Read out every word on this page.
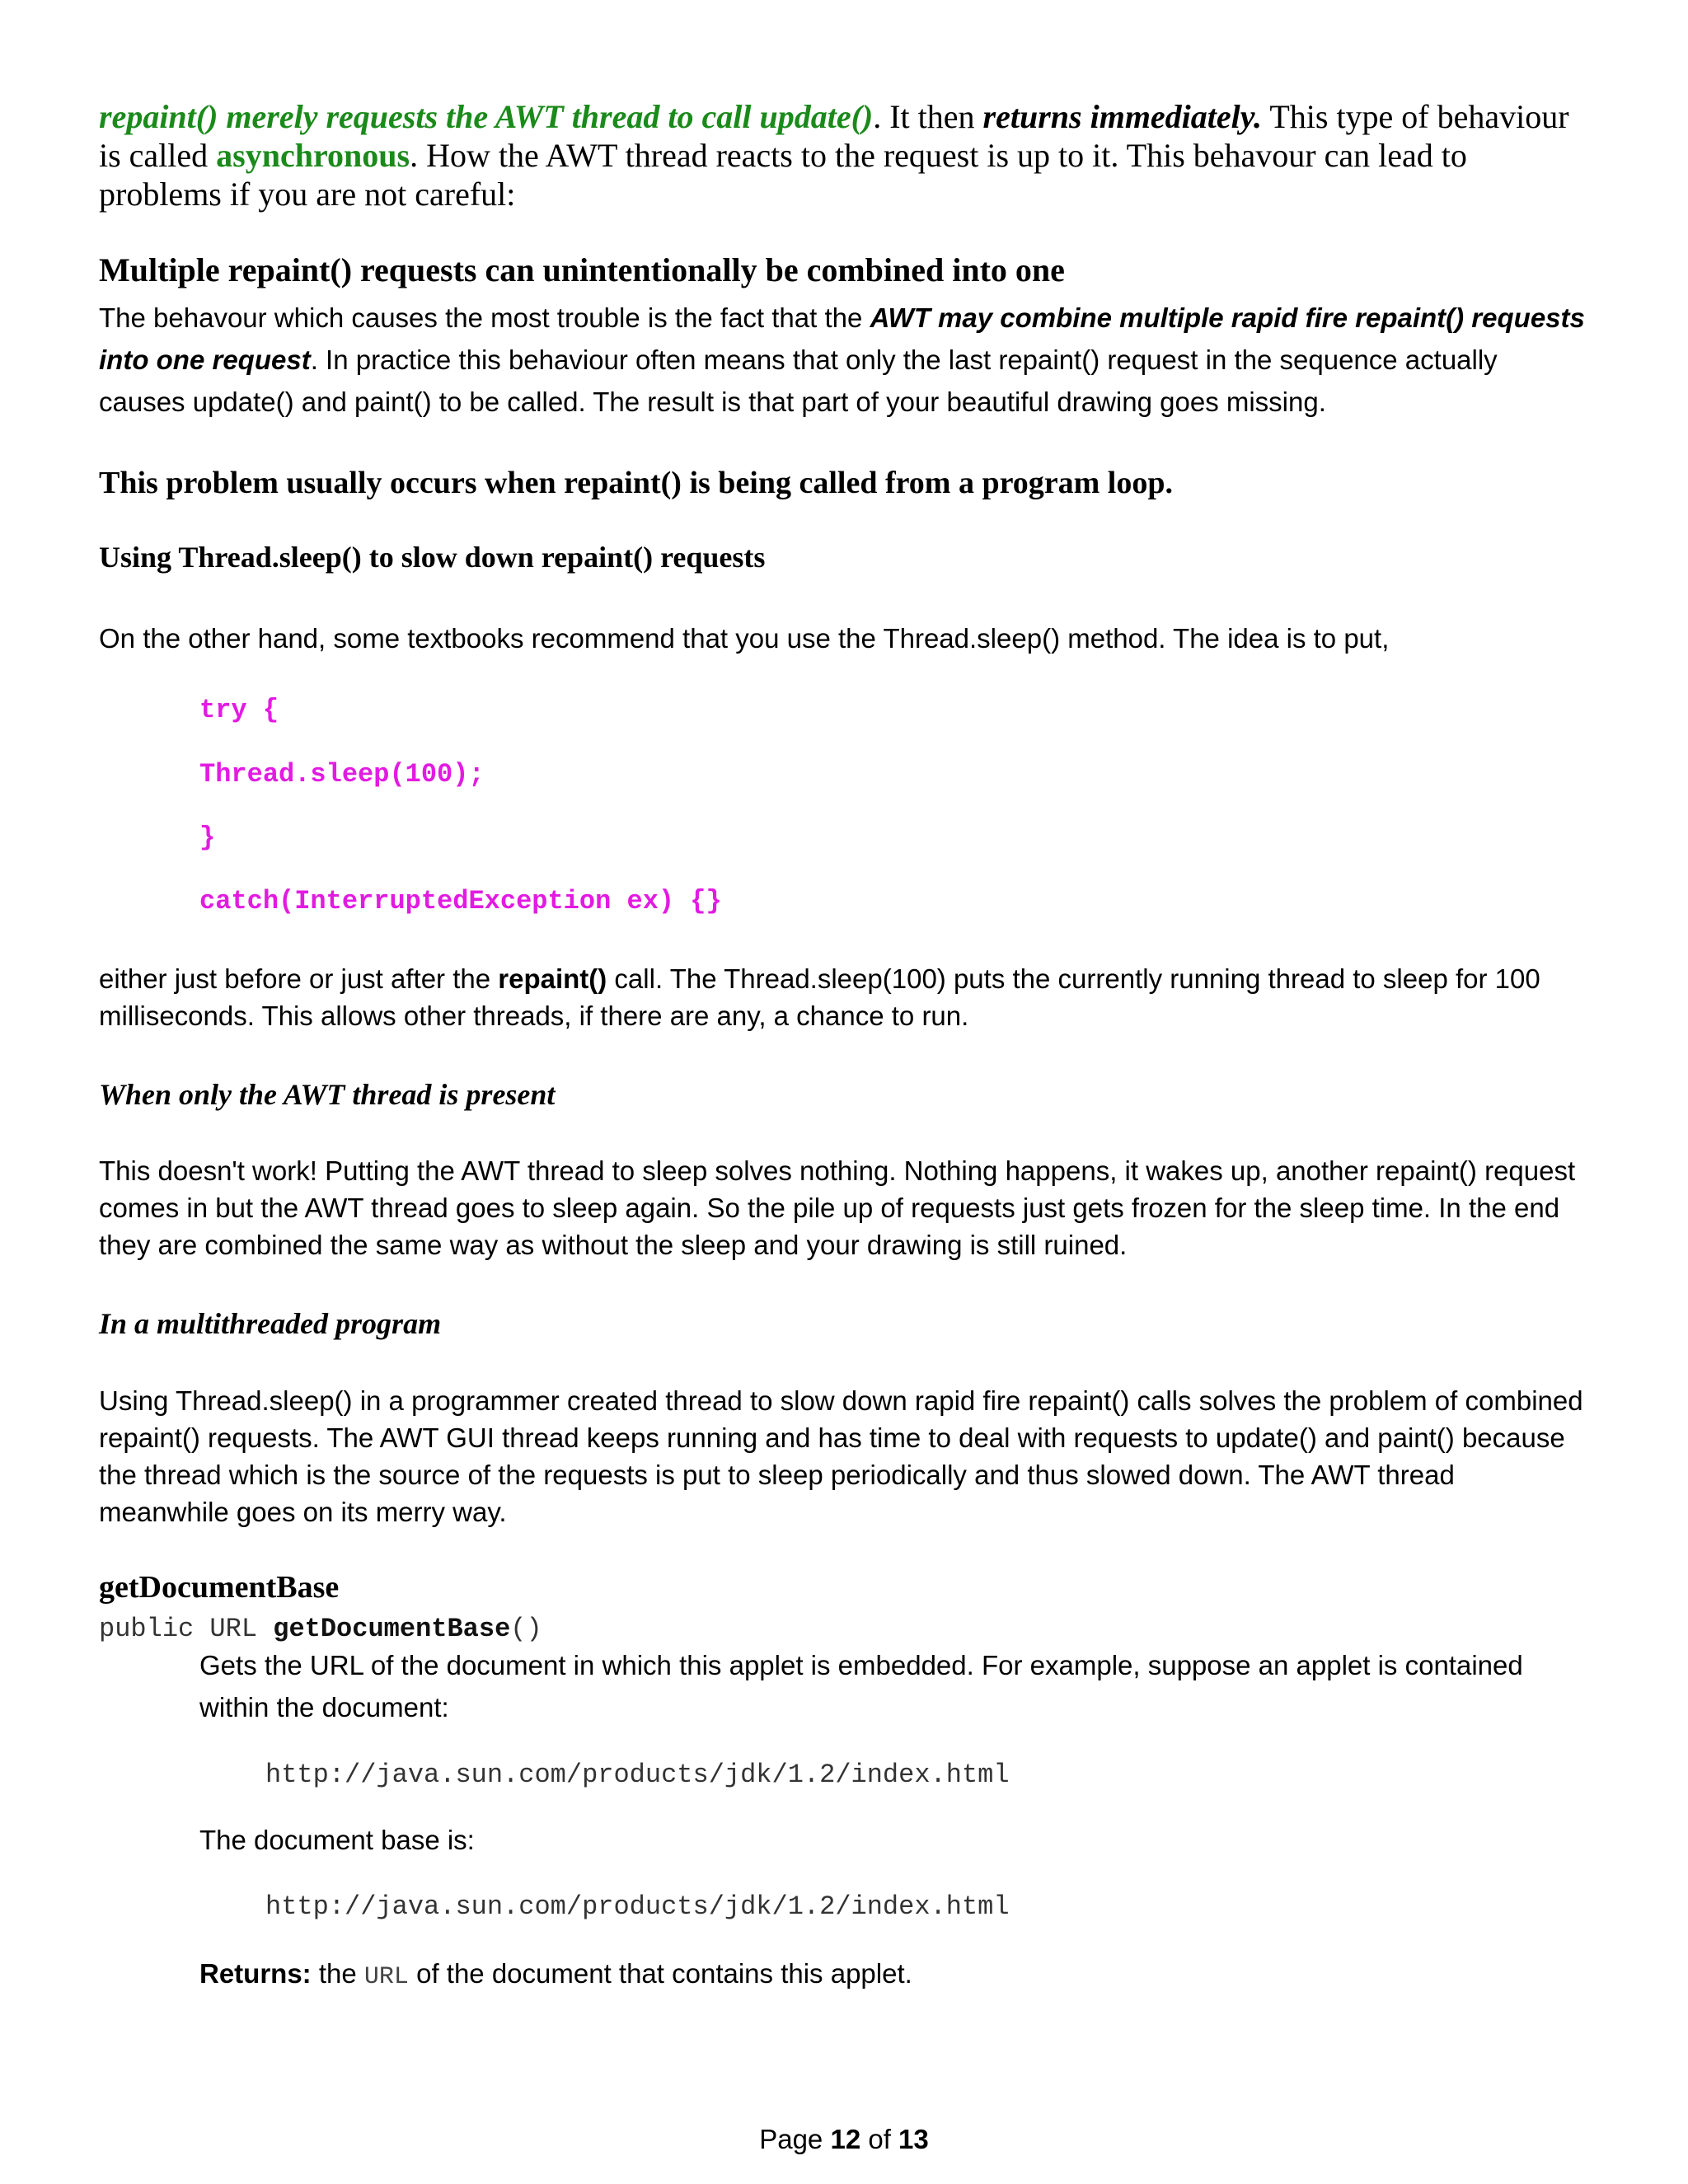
repaint() merely requests the AWT thread to call update(). It then returns immediately. This type of behaviour is called asynchronous. How the AWT thread reacts to the request is up to it. This behavour can lead to problems if you are not careful:
Multiple repaint() requests can unintentionally be combined into one
The behavour which causes the most trouble is the fact that the AWT may combine multiple rapid fire repaint() requests into one request. In practice this behaviour often means that only the last repaint() request in the sequence actually causes update() and paint() to be called. The result is that part of your beautiful drawing goes missing.
This problem usually occurs when repaint() is being called from a program loop.
Using Thread.sleep() to slow down repaint() requests
On the other hand, some textbooks recommend that you use the Thread.sleep() method. The idea is to put,
try {
Thread.sleep(100);
}
catch(InterruptedException ex) {}
either just before or just after the repaint() call. The Thread.sleep(100) puts the currently running thread to sleep for 100 milliseconds. This allows other threads, if there are any, a chance to run.
When only the AWT thread is present
This doesn't work! Putting the AWT thread to sleep solves nothing. Nothing happens, it wakes up, another repaint() request comes in but the AWT thread goes to sleep again. So the pile up of requests just gets frozen for the sleep time. In the end they are combined the same way as without the sleep and your drawing is still ruined.
In a multithreaded program
Using Thread.sleep() in a programmer created thread to slow down rapid fire repaint() calls solves the problem of combined repaint() requests. The AWT GUI thread keeps running and has time to deal with requests to update() and paint() because the thread which is the source of the requests is put to sleep periodically and thus slowed down. The AWT thread meanwhile goes on its merry way.
getDocumentBase
public URL getDocumentBase()
Gets the URL of the document in which this applet is embedded. For example, suppose an applet is contained within the document:
http://java.sun.com/products/jdk/1.2/index.html
The document base is:
http://java.sun.com/products/jdk/1.2/index.html
Returns: the URL of the document that contains this applet.
Page 12 of 13
